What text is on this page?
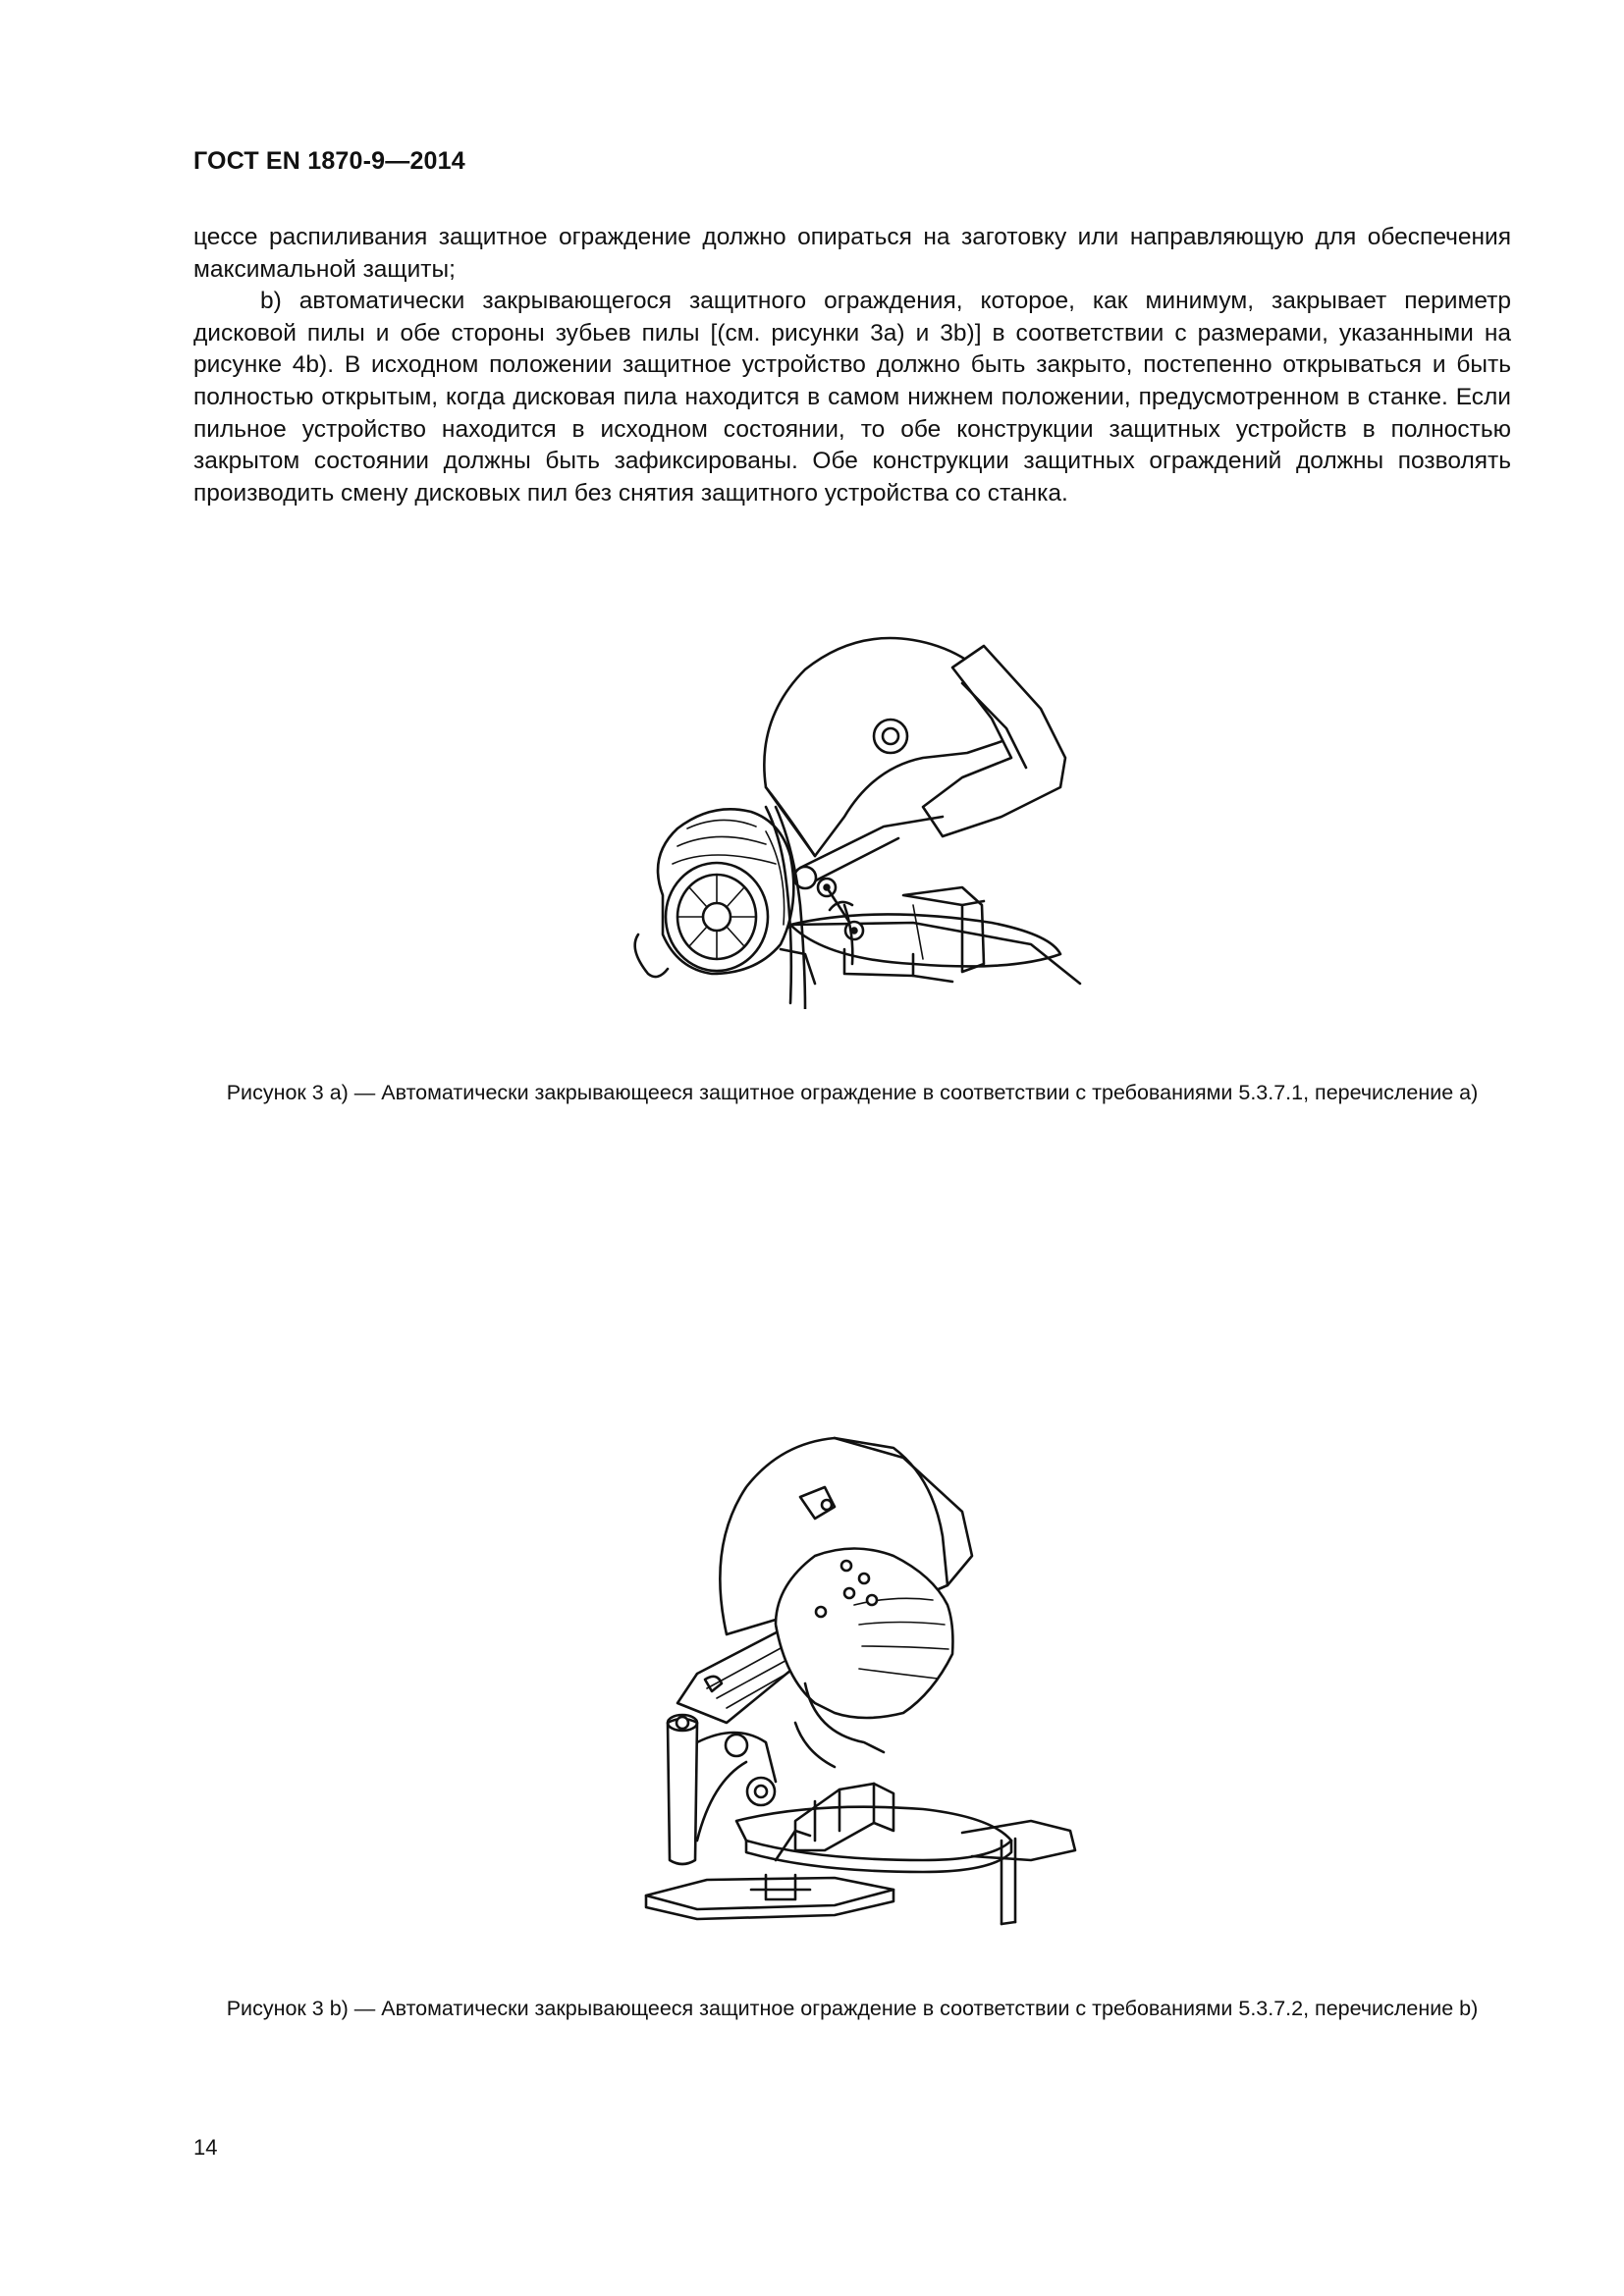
ГОСТ EN 1870-9—2014

цессе распиливания защитное ограждение должно опираться на заготовку или направляющую для обеспечения максимальной защиты;

b) автоматически закрывающегося защитного ограждения, которое, как минимум, закрывает периметр дисковой пилы и обе стороны зубьев пилы [(см. рисунки 3а) и 3b)] в соответствии с размерами, указанными на рисунке 4b). В исходном положении защитное устройство должно быть закрыто, постепенно открываться и быть полностью открытым, когда дисковая пила находится в самом нижнем положении, предусмотренном в станке. Если пильное устройство находится в исходном состоянии, то обе конструкции защитных устройств в полностью закрытом состоянии должны быть зафиксированы. Обе конструкции защитных ограждений должны позволять производить смену дисковых пил без снятия защитного устройства со станка.

Рисунок 3 а) — Автоматически закрывающееся защитное ограждение в соответствии с требованиями 5.3.7.1, перечисление а)
Рисунок 3 b) — Автоматически закрывающееся защитное ограждение в соответствии с требованиями 5.3.7.2, перечисление b)
14
